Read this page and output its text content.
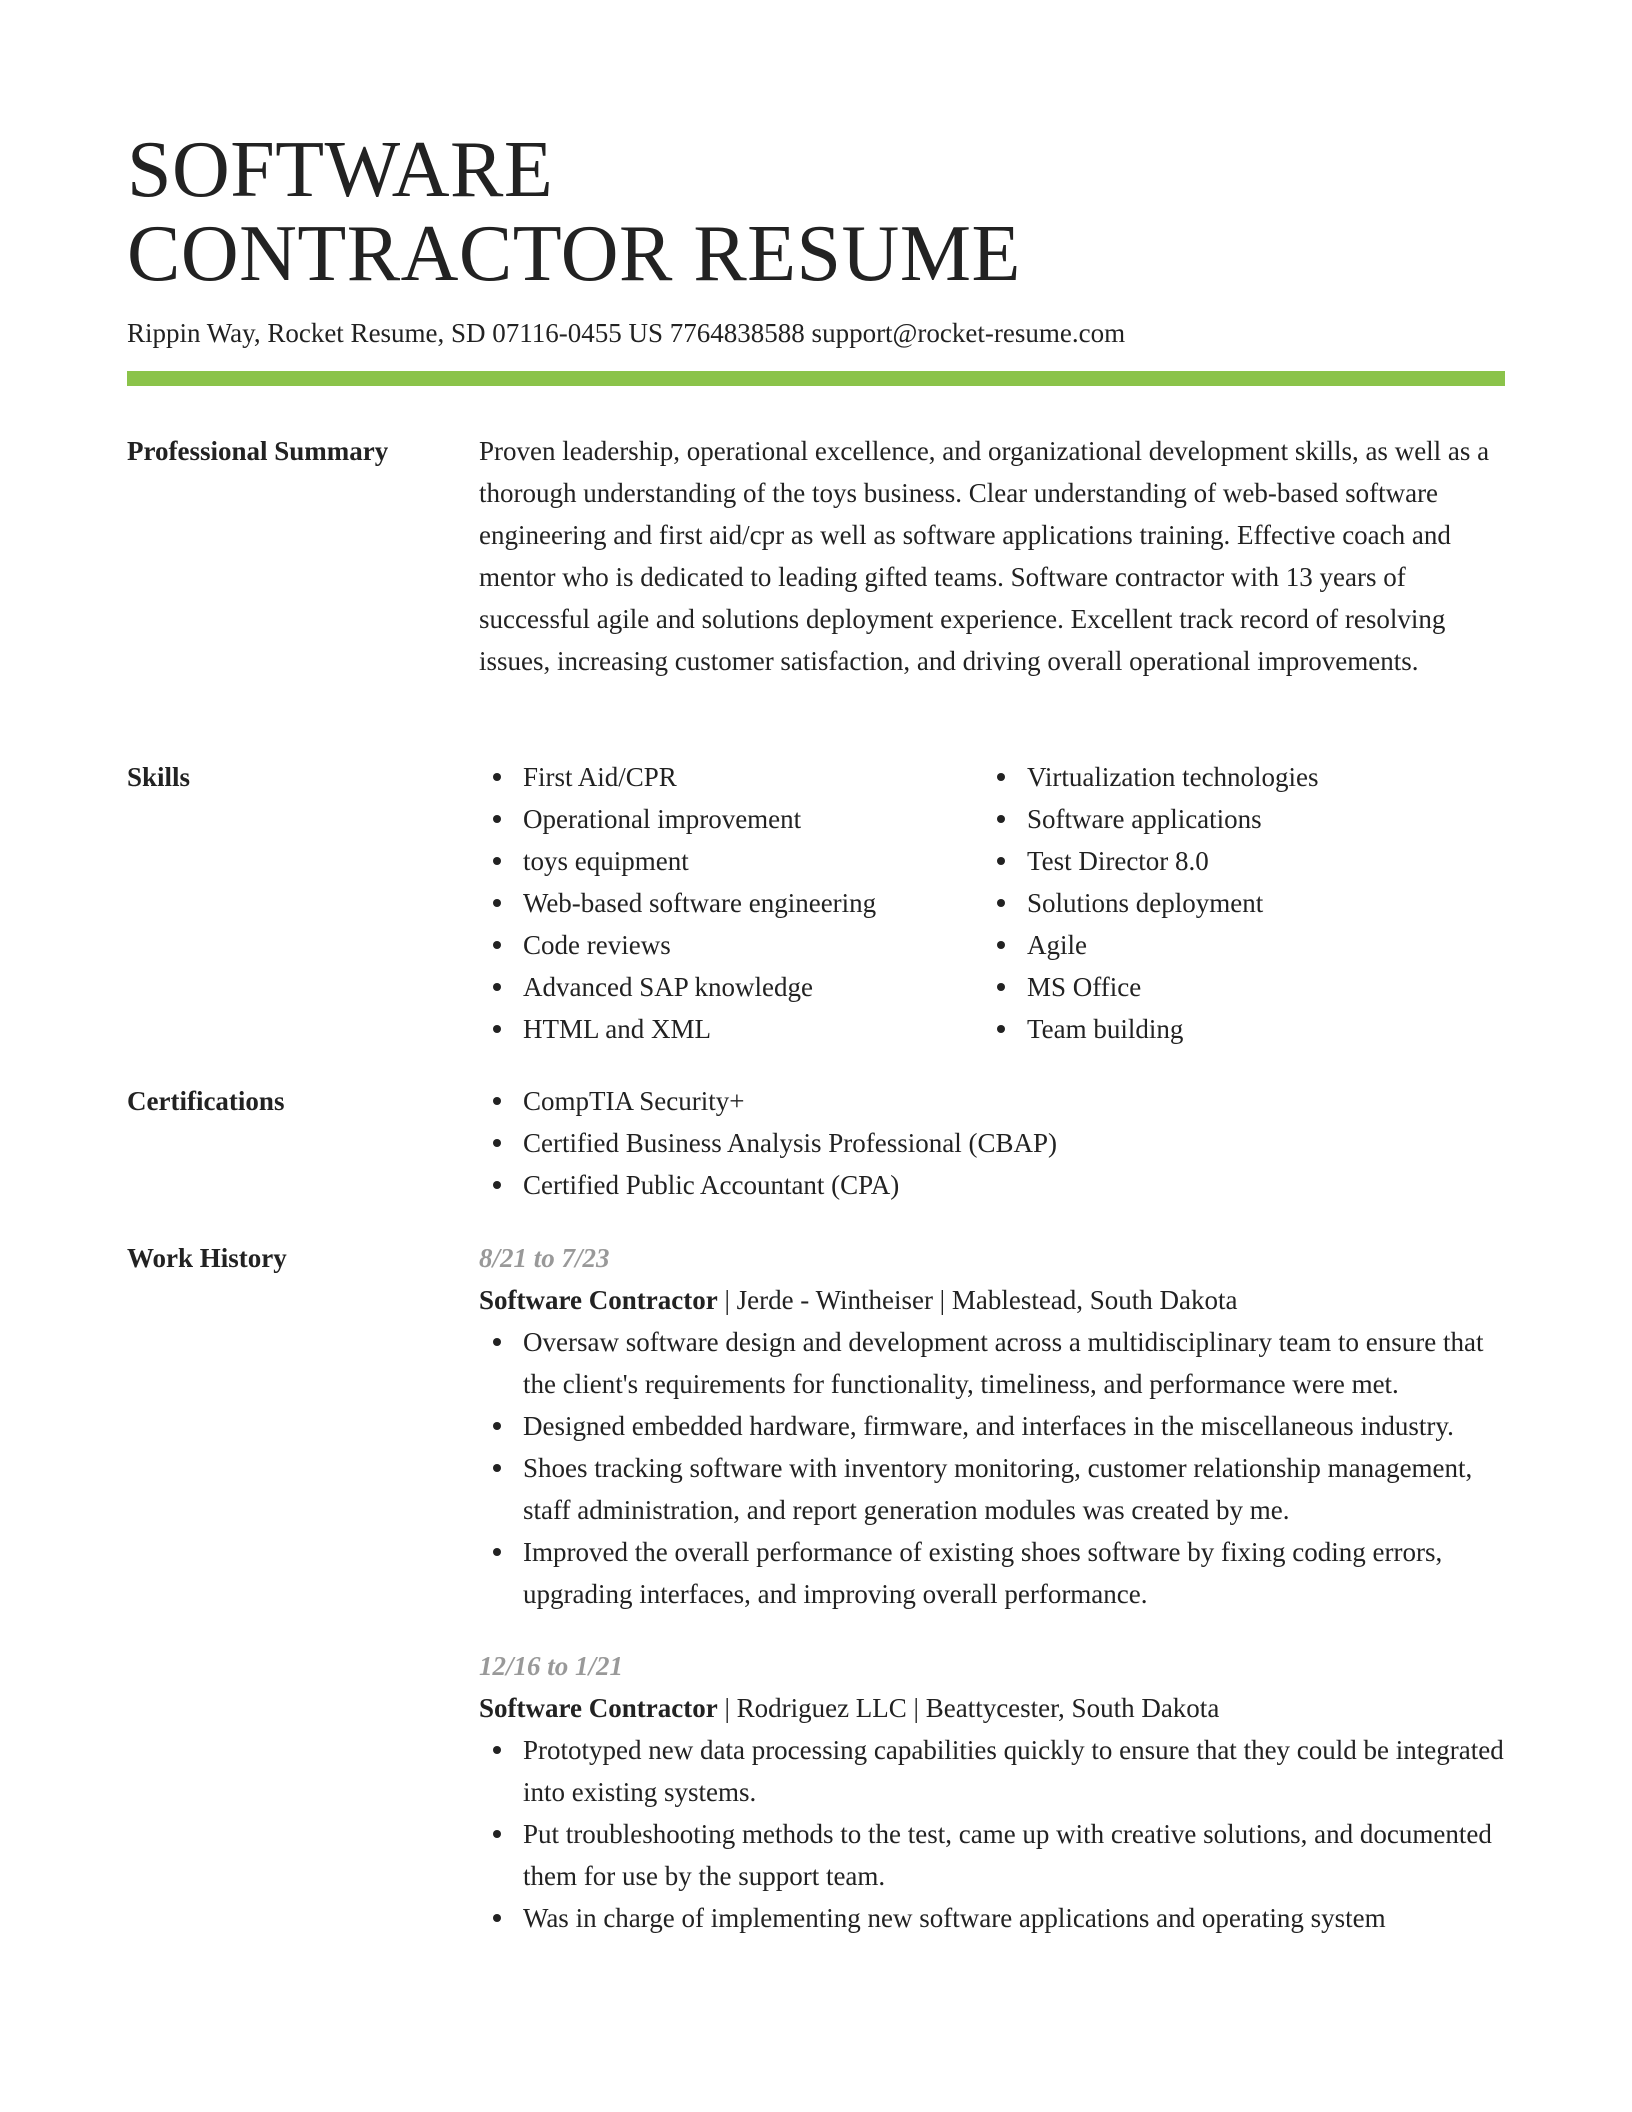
SOFTWARE
CONTRACTOR RESUME
Rippin Way, Rocket Resume, SD 07116-0455 US 7764838588 support@rocket-resume.com
Professional Summary	Proven leadership, operational excellence, and organizational development skills, as well as a thorough understanding of the toys business. Clear understanding of web-based software engineering and first aid/cpr as well as software applications training. Effective coach and mentor who is dedicated to leading gifted teams. Software contractor with 13 years of successful agile and solutions deployment experience. Excellent track record of resolving issues, increasing customer satisfaction, and driving overall operational improvements.

Skills	First Aid/CPR
Operational improvement
toys equipment
Web-based software engineering
Code reviews
Advanced SAP knowledge
HTML and XML
Virtualization technologies
Software applications
Test Director 8.0
Solutions deployment
Agile
MS Office
Team building
Certifications	CompTIA Security+
Certified Business Analysis Professional (CBAP)
Certified Public Accountant (CPA)
Work History	8/21 to 7/23
Software Contractor | Jerde - Wintheiser | Mablestead, South Dakota
Oversaw software design and development across a multidisciplinary team to ensure that the client's requirements for functionality, timeliness, and performance were met.
Designed embedded hardware, firmware, and interfaces in the miscellaneous industry.
Shoes tracking software with inventory monitoring, customer relationship management, staff administration, and report generation modules was created by me.
Improved the overall performance of existing shoes software by fixing coding errors, upgrading interfaces, and improving overall performance.
12/16 to 1/21
Software Contractor | Rodriguez LLC | Beattycester, South Dakota
Prototyped new data processing capabilities quickly to ensure that they could be integrated into existing systems.
Put troubleshooting methods to the test, came up with creative solutions, and documented them for use by the support team.
Was in charge of implementing new software applications and operating system
